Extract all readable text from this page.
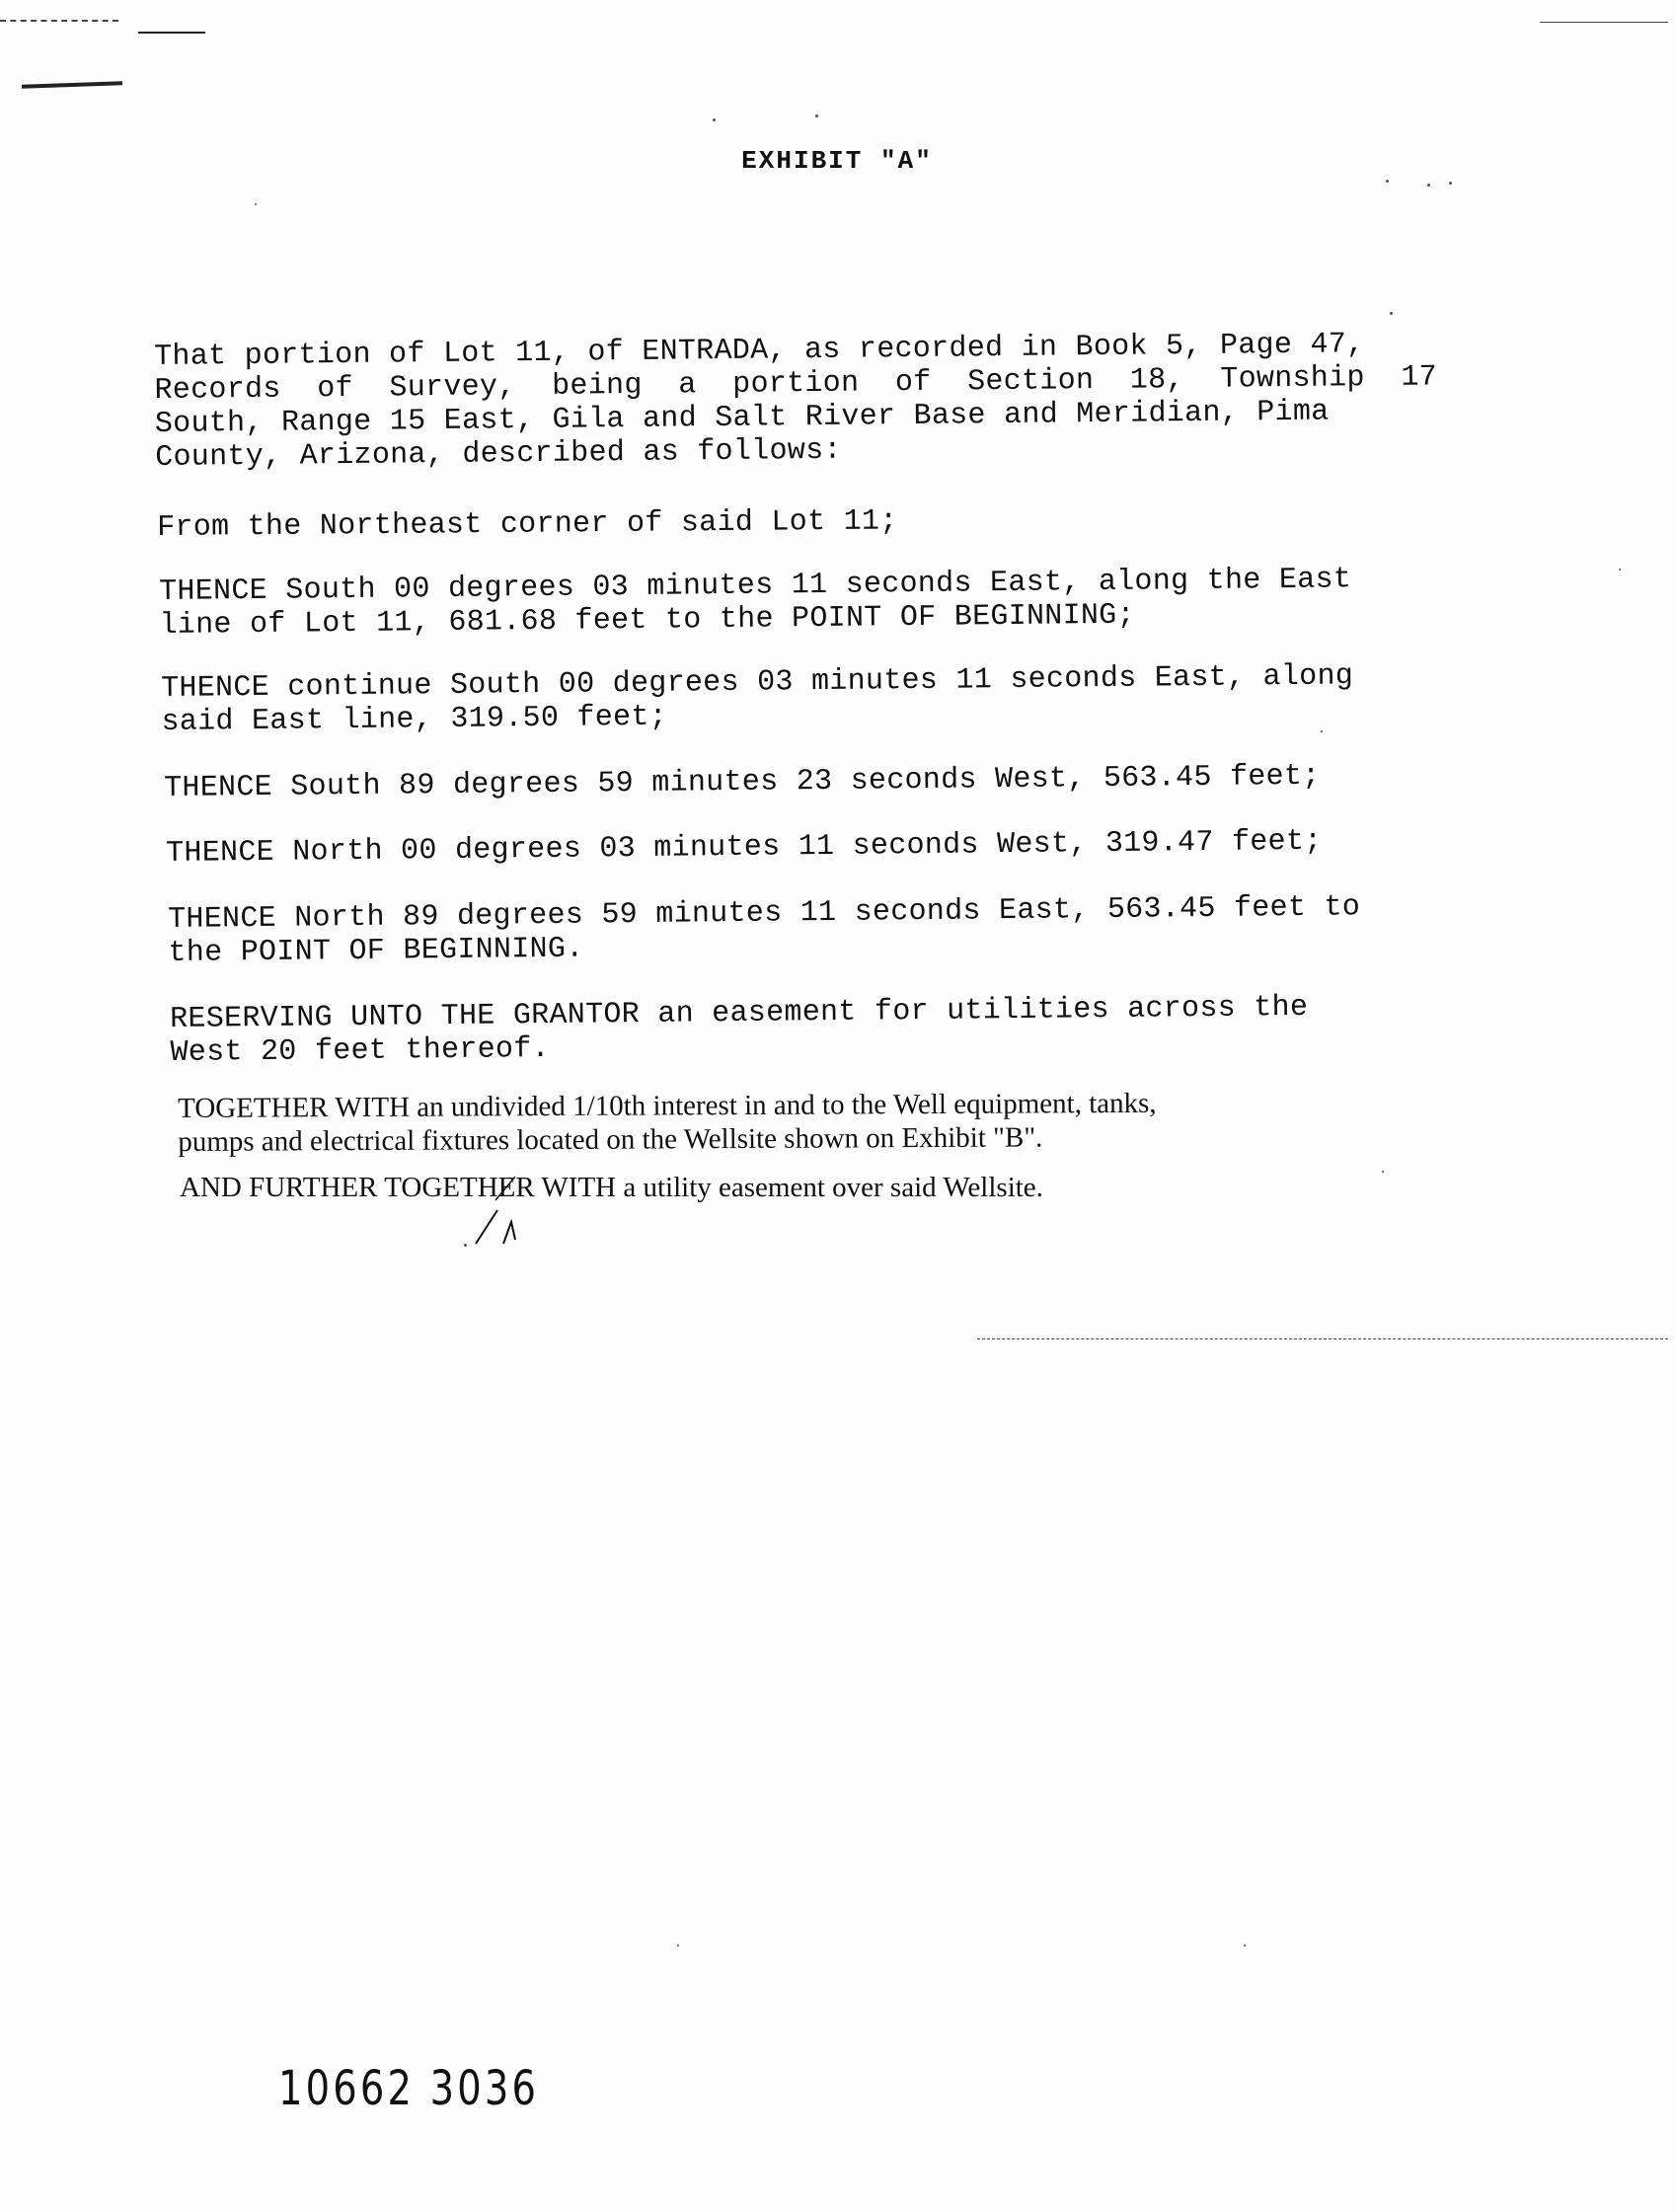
EXHIBIT "A"
That portion of Lot 11, of ENTRADA, as recorded in Book 5, Page 47,
Records  of  Survey,  being  a  portion  of  Section  18,  Township  17
South, Range 15 East, Gila and Salt River Base and Meridian, Pima
County, Arizona, described as follows:
From the Northeast corner of said Lot 11;
THENCE South 00 degrees 03 minutes 11 seconds East, along the East
line of Lot 11, 681.68 feet to the POINT OF BEGINNING;
THENCE continue South 00 degrees 03 minutes 11 seconds East, along
said East line, 319.50 feet;
THENCE South 89 degrees 59 minutes 23 seconds West, 563.45 feet;
THENCE North 00 degrees 03 minutes 11 seconds West, 319.47 feet;
THENCE North 89 degrees 59 minutes 11 seconds East, 563.45 feet to
the POINT OF BEGINNING.
RESERVING UNTO THE GRANTOR an easement for utilities across the
West 20 feet thereof.
TOGETHER WITH an undivided 1/10th interest in and to the Well equipment, tanks,
pumps and electrical fixtures located on the Wellsite shown on Exhibit "B".
AND FURTHER TOGETHER WITH a utility easement over said Wellsite.
10662 3036
